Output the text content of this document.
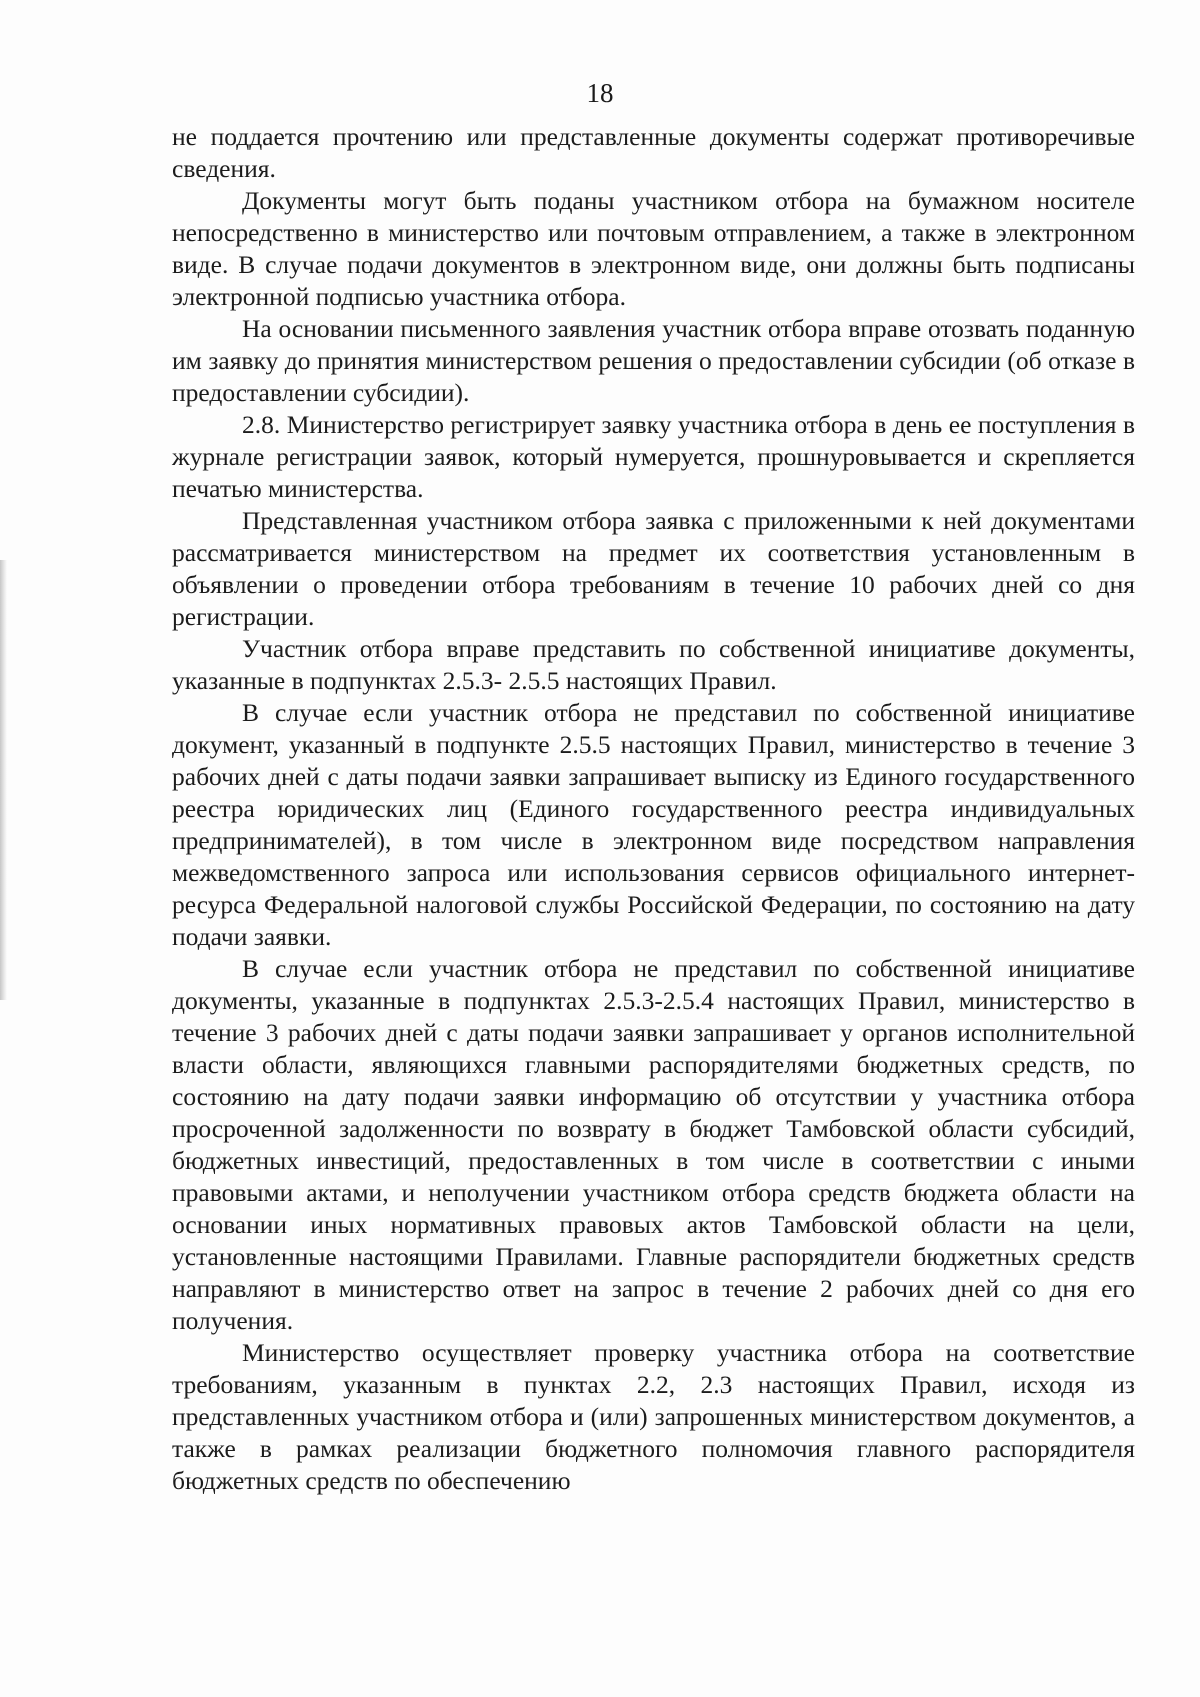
18

не поддается прочтению или представленные документы содержат противоречивые сведения.

Документы могут быть поданы участником отбора на бумажном носителе непосредственно в министерство или почтовым отправлением, а также в электронном виде. В случае подачи документов в электронном виде, они должны быть подписаны электронной подписью участника отбора.

На основании письменного заявления участник отбора вправе отозвать поданную им заявку до принятия министерством решения о предоставлении субсидии (об отказе в предоставлении субсидии).

2.8. Министерство регистрирует заявку участника отбора в день ее поступления в журнале регистрации заявок, который нумеруется, прошнуровывается и скрепляется печатью министерства.

Представленная участником отбора заявка с приложенными к ней документами рассматривается министерством на предмет их соответствия установленным в объявлении о проведении отбора требованиям в течение 10 рабочих дней со дня регистрации.

Участник отбора вправе представить по собственной инициативе документы, указанные в подпунктах 2.5.3- 2.5.5 настоящих Правил.

В случае если участник отбора не представил по собственной инициативе документ, указанный в подпункте 2.5.5 настоящих Правил, министерство в течение 3 рабочих дней с даты подачи заявки запрашивает выписку из Единого государственного реестра юридических лиц (Единого государственного реестра индивидуальных предпринимателей), в том числе в электронном виде посредством направления межведомственного запроса или использования сервисов официального интернет-ресурса Федеральной налоговой службы Российской Федерации, по состоянию на дату подачи заявки.

В случае если участник отбора не представил по собственной инициативе документы, указанные в подпунктах 2.5.3-2.5.4 настоящих Правил, министерство в течение 3 рабочих дней с даты подачи заявки запрашивает у органов исполнительной власти области, являющихся главными распорядителями бюджетных средств, по состоянию на дату подачи заявки информацию об отсутствии у участника отбора просроченной задолженности по возврату в бюджет Тамбовской области субсидий, бюджетных инвестиций, предоставленных в том числе в соответствии с иными правовыми актами, и неполучении участником отбора средств бюджета области на основании иных нормативных правовых актов Тамбовской области на цели, установленные настоящими Правилами. Главные распорядители бюджетных средств направляют в министерство ответ на запрос в течение 2 рабочих дней со дня его получения.

Министерство осуществляет проверку участника отбора на соответствие требованиям, указанным в пунктах 2.2, 2.3 настоящих Правил, исходя из представленных участником отбора и (или) запрошенных министерством документов, а также в рамках реализации бюджетного полномочия главного распорядителя бюджетных средств по обеспечению
